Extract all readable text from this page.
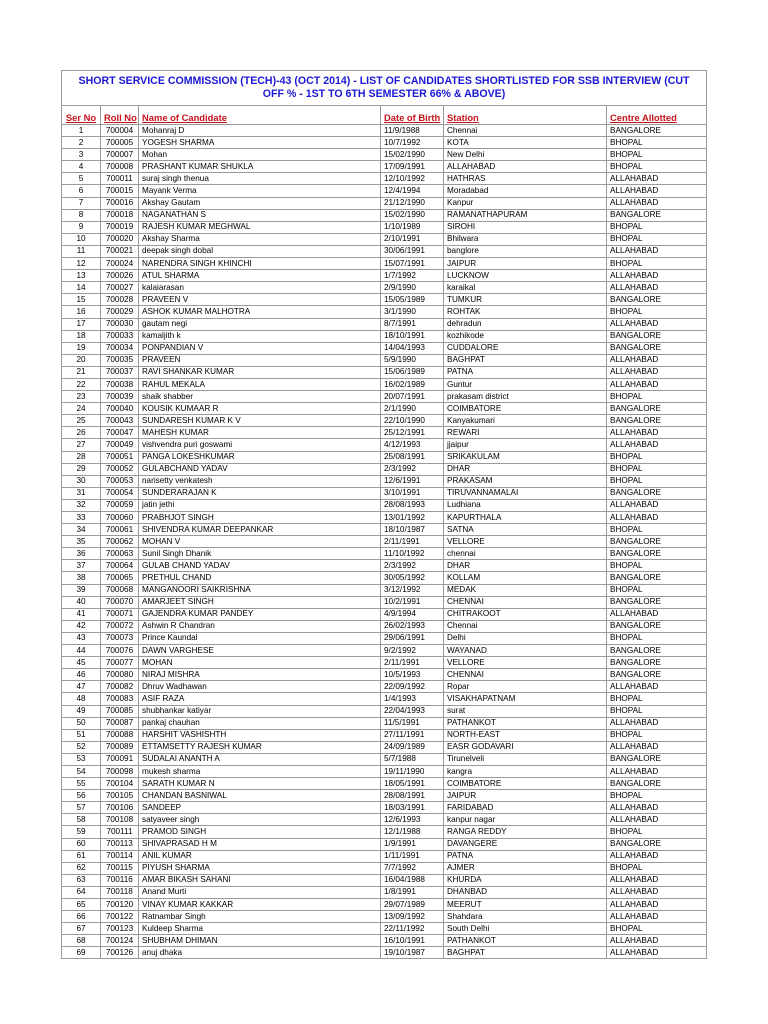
SHORT SERVICE COMMISSION (TECH)-43 (OCT 2014) - LIST OF CANDIDATES SHORTLISTED FOR SSB INTERVIEW (CUT OFF % - 1ST TO 6TH SEMESTER 66% & ABOVE)					
Ser No	Roll No	Name of Candidate	Date of Birth	Station	Centre Allotted
1	700004	Mohanraj D	11/9/1988	Chennai	BANGALORE
2	700005	YOGESH SHARMA	10/7/1992	KOTA	BHOPAL
3	700007	Mohan	15/02/1990	New Delhi	BHOPAL
4	700008	PRASHANT KUMAR SHUKLA	17/09/1991	ALLAHABAD	BHOPAL
5	700011	suraj singh thenua	12/10/1992	HATHRAS	ALLAHABAD
6	700015	Mayank Verma	12/4/1994	Moradabad	ALLAHABAD
7	700016	Akshay Gautam	21/12/1990	Kanpur	ALLAHABAD
8	700018	NAGANATHAN S	15/02/1990	RAMANATHAPURAM	BANGALORE
9	700019	RAJESH KUMAR MEGHWAL	1/10/1989	SIROHI	BHOPAL
10	700020	Akshay Sharma	2/10/1991	Bhilwara	BHOPAL
11	700021	deepak singh dobal	30/06/1991	banglore	ALLAHABAD
12	700024	NARENDRA SINGH KHINCHI	15/07/1991	JAIPUR	BHOPAL
13	700026	ATUL SHARMA	1/7/1992	LUCKNOW	ALLAHABAD
14	700027	kalaiarasan	2/9/1990	karaikal	ALLAHABAD
15	700028	PRAVEEN V	15/05/1989	TUMKUR	BANGALORE
16	700029	ASHOK KUMAR MALHOTRA	3/1/1990	ROHTAK	BHOPAL
17	700030	gautam negi	8/7/1991	dehradun	ALLAHABAD
18	700033	kamaljith k	18/10/1991	kozhikode	BANGALORE
19	700034	PONPANDIAN V	14/04/1993	CUDDALORE	BANGALORE
20	700035	PRAVEEN	5/9/1990	BAGHPAT	ALLAHABAD
21	700037	RAVI SHANKAR KUMAR	15/06/1989	PATNA	ALLAHABAD
22	700038	RAHUL MEKALA	16/02/1989	Guntur	ALLAHABAD
23	700039	shaik shabber	20/07/1991	prakasam district	BHOPAL
24	700040	KOUSIK KUMAAR R	2/1/1990	COIMBATORE	BANGALORE
25	700043	SUNDARESH KUMAR K V	22/10/1990	Kanyakumari	BANGALORE
26	700047	MAHESH KUMAR	25/12/1991	REWARI	ALLAHABAD
27	700049	vishvendra puri goswami	4/12/1993	jjaipur	ALLAHABAD
28	700051	PANGA LOKESHKUMAR	25/08/1991	SRIKAKULAM	BHOPAL
29	700052	GULABCHAND YADAV	2/3/1992	DHAR	BHOPAL
30	700053	narisetty venkatesh	12/6/1991	PRAKASAM	BHOPAL
31	700054	SUNDERARAJAN K	3/10/1991	TIRUVANNAMALAI	BANGALORE
32	700059	jatin jethi	28/08/1993	Ludhiana	ALLAHABAD
33	700060	PRABHJOT SINGH	13/01/1992	KAPURTHALA	ALLAHABAD
34	700061	SHIVENDRA KUMAR DEEPANKAR	18/10/1987	SATNA	BHOPAL
35	700062	MOHAN V	2/11/1991	VELLORE	BANGALORE
36	700063	Sunil Singh Dhanik	11/10/1992	chennai	BANGALORE
37	700064	GULAB CHAND YADAV	2/3/1992	DHAR	BHOPAL
38	700065	PRETHUL CHAND	30/05/1992	KOLLAM	BANGALORE
39	700068	MANGANOORI SAIKRISHNA	3/12/1992	MEDAK	BHOPAL
40	700070	AMARJEET SINGH	10/2/1991	CHENNAI	BANGALORE
41	700071	GAJENDRA KUMAR PANDEY	4/9/1994	CHITRAKOOT	ALLAHABAD
42	700072	Ashwin R Chandran	26/02/1993	Chennai	BANGALORE
43	700073	Prince Kaundal	29/06/1991	Delhi	BHOPAL
44	700076	DAWN VARGHESE	9/2/1992	WAYANAD	BANGALORE
45	700077	MOHAN	2/11/1991	VELLORE	BANGALORE
46	700080	NIRAJ MISHRA	10/5/1993	CHENNAI	BANGALORE
47	700082	Dhruv Wadhawan	22/09/1992	Ropar	ALLAHABAD
48	700083	ASIF RAZA	1/4/1993	VISAKHAPATNAM	BHOPAL
49	700085	shubhankar katiyar	22/04/1993	surat	BHOPAL
50	700087	pankaj chauhan	11/5/1991	PATHANKOT	ALLAHABAD
51	700088	HARSHIT VASHISHTH	27/11/1991	NORTH-EAST	BHOPAL
52	700089	ETTAMSETTY RAJESH KUMAR	24/09/1989	EASR GODAVARI	ALLAHABAD
53	700091	SUDALAI ANANTH A	5/7/1988	Tirunelveli	BANGALORE
54	700098	mukesh sharma	19/11/1990	kangra	ALLAHABAD
55	700104	SARATH KUMAR N	18/05/1991	COIMBATORE	BANGALORE
56	700105	CHANDAN BASNIWAL	28/08/1991	JAIPUR	BHOPAL
57	700106	SANDEEP	18/03/1991	FARIDABAD	ALLAHABAD
58	700108	satyaveer singh	12/6/1993	kanpur nagar	ALLAHABAD
59	700111	PRAMOD SINGH	12/1/1988	RANGA REDDY	BHOPAL
60	700113	SHIVAPRASAD H M	1/9/1991	DAVANGERE	BANGALORE
61	700114	ANIL KUMAR	1/11/1991	PATNA	ALLAHABAD
62	700115	PIYUSH SHARMA	7/7/1992	AJMER	BHOPAL
63	700116	AMAR BIKASH SAHANI	16/04/1988	KHURDA	ALLAHABAD
64	700118	Anand Murti	1/8/1991	DHANBAD	ALLAHABAD
65	700120	VINAY KUMAR KAKKAR	29/07/1989	MEERUT	ALLAHABAD
66	700122	Ratnambar Singh	13/09/1992	Shahdara	ALLAHABAD
67	700123	Kuldeep Sharma	22/11/1992	South Delhi	BHOPAL
68	700124	SHUBHAM DHIMAN	16/10/1991	PATHANKOT	ALLAHABAD
69	700126	anuj dhaka	19/10/1987	BAGHPAT	ALLAHABAD
